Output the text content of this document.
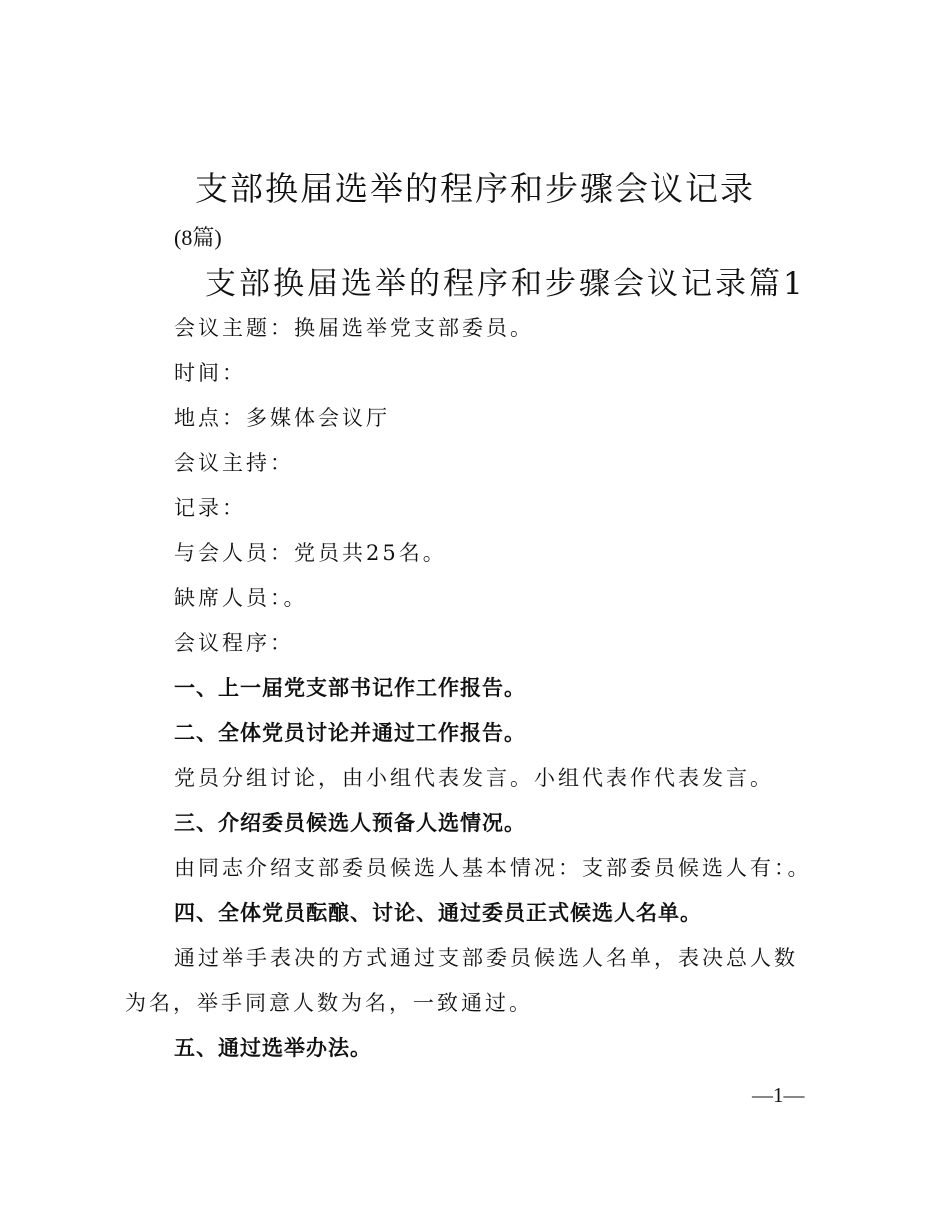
支部换届选举的程序和步骤会议记录
(8篇)
支部换届选举的程序和步骤会议记录篇1
会议主题：换届选举党支部委员。
时间：
地点：多媒体会议厅
会议主持：
记录：
与会人员：党员共25名。
缺席人员：。
会议程序：
一、上一届党支部书记作工作报告。
二、全体党员讨论并通过工作报告。
党员分组讨论，由小组代表发言。小组代表作代表发言。
三、介绍委员候选人预备人选情况。
由同志介绍支部委员候选人基本情况：支部委员候选人有：。
四、全体党员酝酿、讨论、通过委员正式候选人名单。
通过举手表决的方式通过支部委员候选人名单，表决总人数
为名，举手同意人数为名，一致通过。
五、通过选举办法。
—1—
